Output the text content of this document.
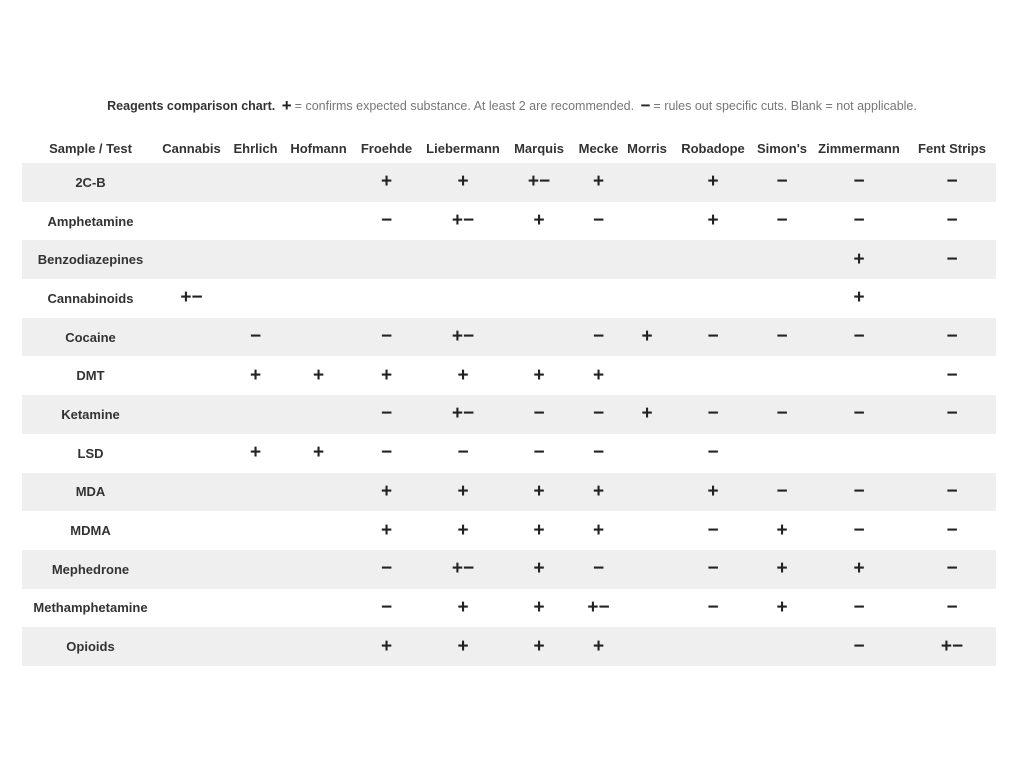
Reagents comparison chart. + = confirms expected substance. At least 2 are recommended. − = rules out specific cuts. Blank = not applicable.
Sample / Test	Cannabis	Ehrlich	Hofmann	Froehde	Liebermann	Marquis	Mecke	Morris	Robadope	Simon's	Zimmermann	Fent Strips
2C-B				+	+	+−	+		+	−	−	−
Amphetamine				−	+−	+	−		+	−	−	−
Benzodiazepines											+	−
Cannabinoids	+−										+	
Cocaine		−		−	+−		−	+	−	−	−	−
DMT		+	+	+	+	+	+					−
Ketamine				−	+−	−	−	+	−	−	−	−
LSD		+	+	−	−	−	−		−			
MDA				+	+	+	+		+	−	−	−
MDMA				+	+	+	+		−	+	−	−
Mephedrone				−	+−	+	−		−	+	+	−
Methamphetamine				−	+	+	+−		−	+	−	−
Opioids				+	+	+	+				−	+−
